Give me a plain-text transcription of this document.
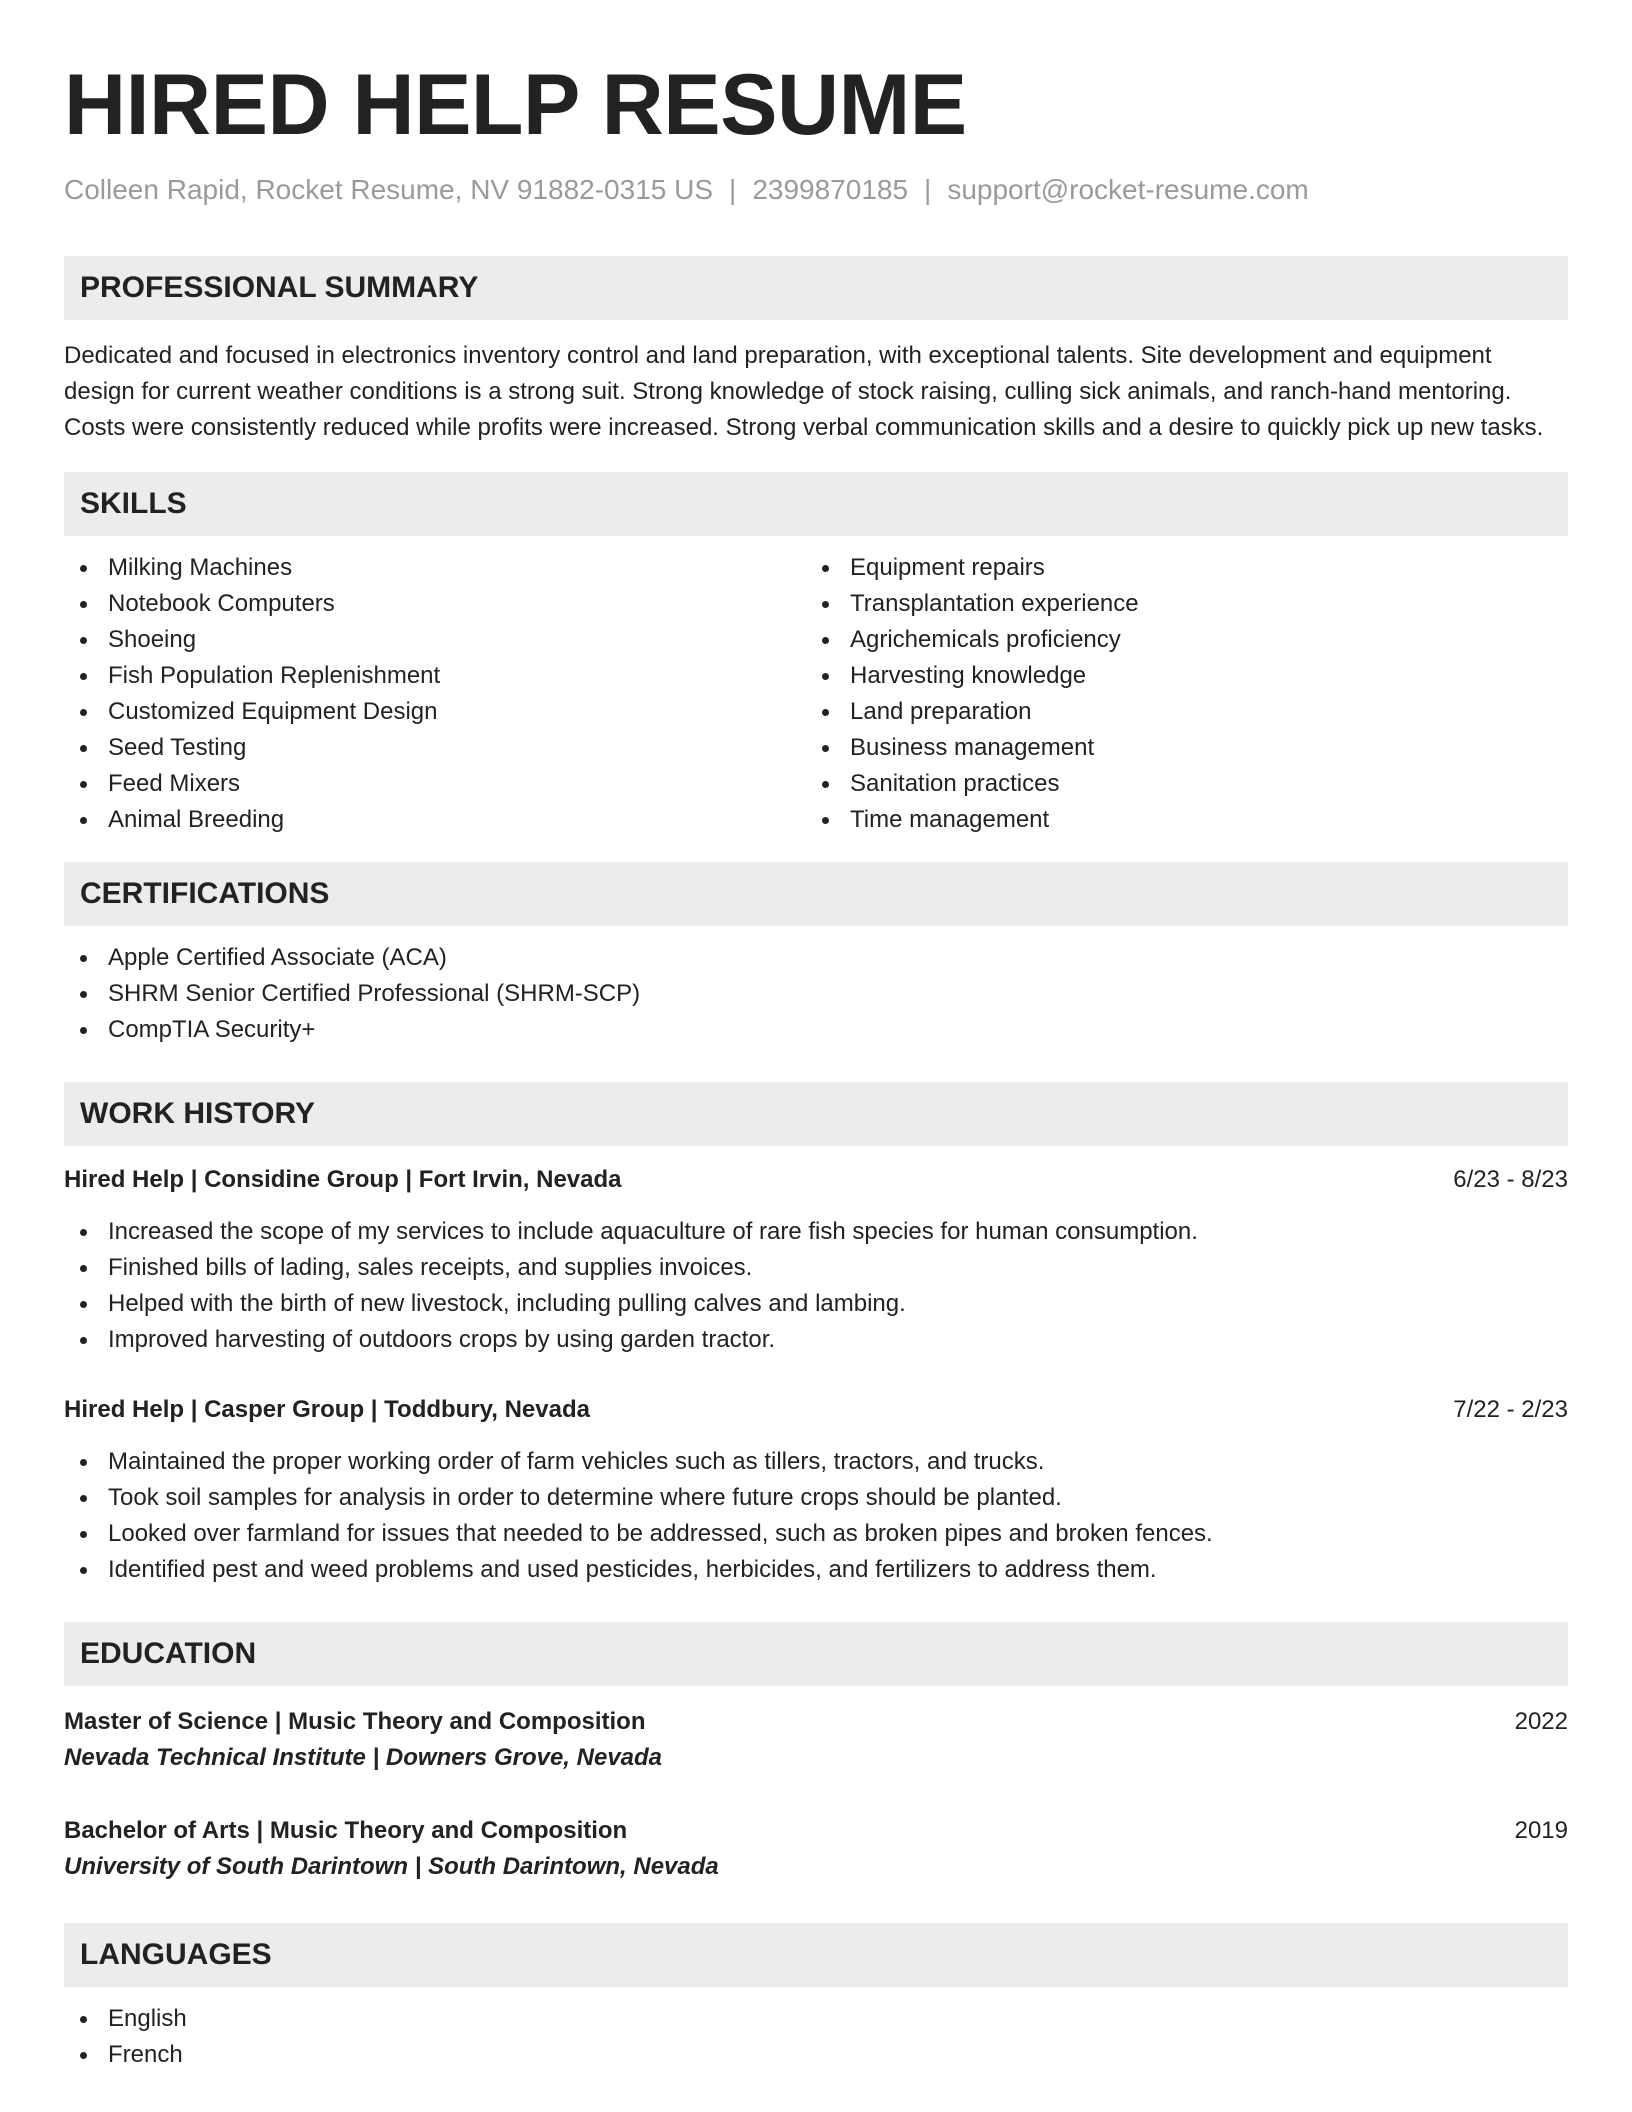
HIRED HELP RESUME
Colleen Rapid, Rocket Resume, NV 91882-0315 US | 2399870185 | support@rocket-resume.com
PROFESSIONAL SUMMARY

Dedicated and focused in electronics inventory control and land preparation, with exceptional talents. Site development and equipment design for current weather conditions is a strong suit. Strong knowledge of stock raising, culling sick animals, and ranch-hand mentoring. Costs were consistently reduced while profits were increased. Strong verbal communication skills and a desire to quickly pick up new tasks.

SKILLS
Milking Machines
Notebook Computers
Shoeing
Fish Population Replenishment
Customized Equipment Design
Seed Testing
Feed Mixers
Animal Breeding
Equipment repairs
Transplantation experience
Agrichemicals proficiency
Harvesting knowledge
Land preparation
Business management
Sanitation practices
Time management
CERTIFICATIONS
Apple Certified Associate (ACA)
SHRM Senior Certified Professional (SHRM-SCP)
CompTIA Security+
WORK HISTORY
Hired Help | Considine Group | Fort Irvin, Nevada	6/23 - 8/23
Increased the scope of my services to include aquaculture of rare fish species for human consumption.
Finished bills of lading, sales receipts, and supplies invoices.
Helped with the birth of new livestock, including pulling calves and lambing.
Improved harvesting of outdoors crops by using garden tractor.
Hired Help | Casper Group | Toddbury, Nevada	7/22 - 2/23
Maintained the proper working order of farm vehicles such as tillers, tractors, and trucks.
Took soil samples for analysis in order to determine where future crops should be planted.
Looked over farmland for issues that needed to be addressed, such as broken pipes and broken fences.
Identified pest and weed problems and used pesticides, herbicides, and fertilizers to address them.
EDUCATION
Master of Science | Music Theory and Composition	2022
Nevada Technical Institute | Downers Grove, Nevada
Bachelor of Arts | Music Theory and Composition	2019
University of South Darintown | South Darintown, Nevada
LANGUAGES
English
French
